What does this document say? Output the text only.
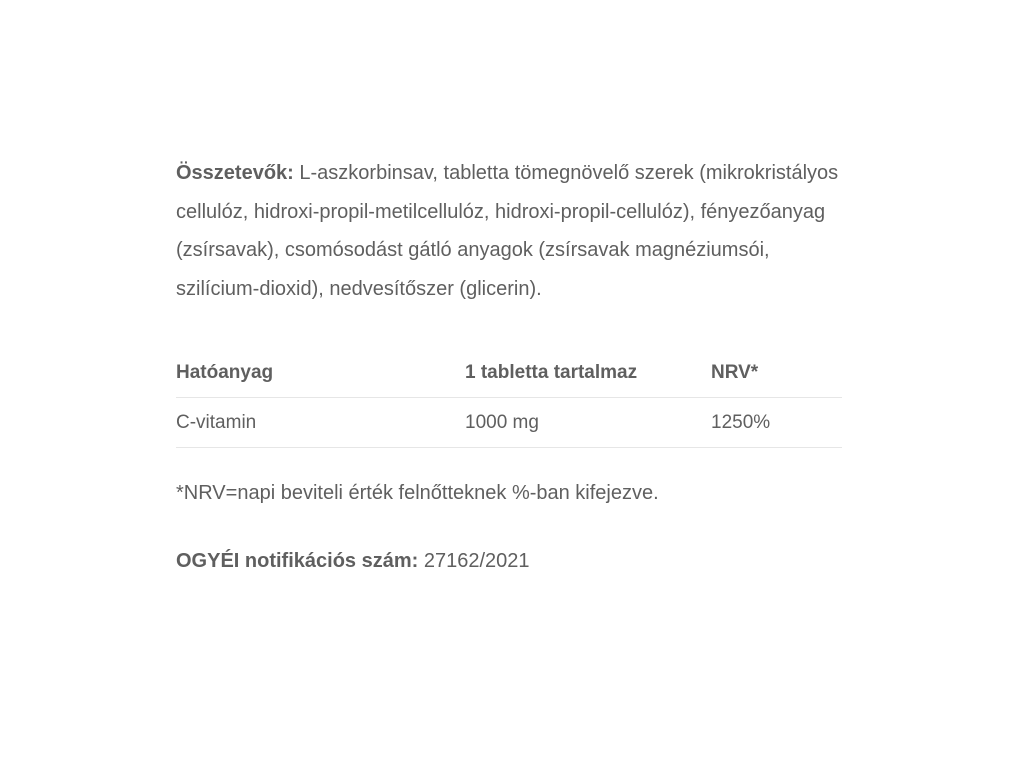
Összetevők: L-aszkorbinsav, tabletta tömegnövelő szerek (mikrokristályos cellulóz, hidroxi-propil-metilcellulóz, hidroxi-propil-cellulóz), fényezőanyag (zsírsavak), csomósodást gátló anyagok (zsírsavak magnéziumsói, szilícium-dioxid), nedvesítőszer (glicerin).

Hatóanyag	1 tabletta tartalmaz	NRV*
C-vitamin	1000 mg	1250%

*NRV=napi beviteli érték felnőtteknek %-ban kifejezve.

OGYÉI notifikációs szám: 27162/2021
